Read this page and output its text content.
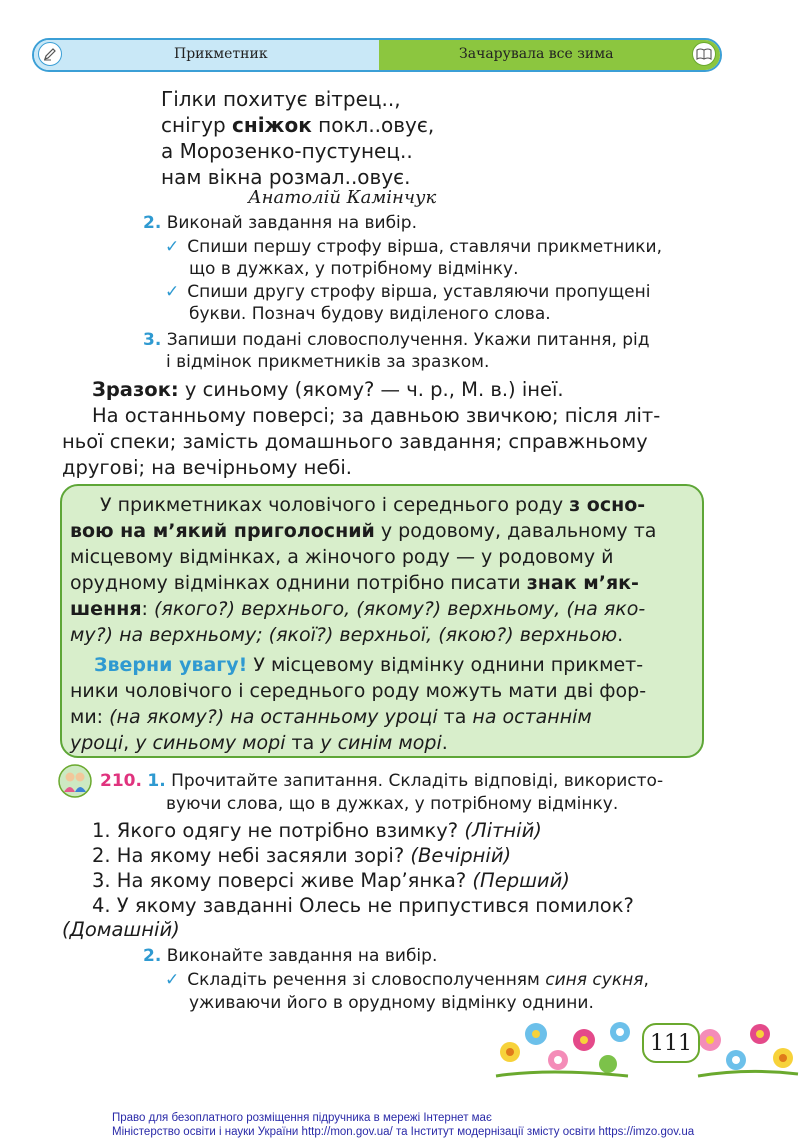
Прикметник	Зачарувала все зима
Гілки похитує вітрец..,
снігур сніжок покл..овує,
а Морозенко-пустунец..
нам вікна розмал..овує.
Анатолій Камінчук
2. Виконай завдання на вибір.
✓ Спиши першу строфу вірша, ставлячи прикметники,
що в дужках, у потрібному відмінку.
✓ Спиши другу строфу вірша, уставляючи пропущені
букви. Познач будову виділеного слова.
3. Запиши подані словосполучення. Укажи питання, рід
і відмінок прикметників за зразком.
Зразок: у синьому (якому? — ч. р., М. в.) інеї.
На останньому поверсі; за давньою звичкою; після літ-
ньої спеки; замість домашнього завдання; справжньому
другові; на вечірньому небі.
У прикметниках чоловічого і середнього роду з осно-
вою на м’який приголосний у родовому, давальному та
місцевому відмінках, а жіночого роду — у родовому й
орудному відмінках однини потрібно писати знак м’як-
шення: (якого?) верхнього, (якому?) верхньому, (на яко-
му?) на верхньому; (якої?) верхньої, (якою?) верхньою.
Зверни увагу! У місцевому відмінку однини прикмет-
ники чоловічого і середнього роду можуть мати дві фор-
ми: (на якому?) на останньому уроці та на останнім
уроці, у синьому морі та у синім морі.
210. 1. Прочитайте запитання. Складіть відповіді, використо-
вуючи слова, що в дужках, у потрібному відмінку.
1. Якого одягу не потрібно взимку? (Літній)
2. На якому небі засяяли зорі? (Вечірній)
3. На якому поверсі живе Мар’янка? (Перший)
4. У якому завданні Олесь не припустився помилок?
(Домашній)
2. Виконайте завдання на вибір.
✓ Складіть речення зі словосполученням синя сукня,
уживаючи його в орудному відмінку однини.
111
Право для безоплатного розміщення підручника в мережі Інтернет має
Міністерство освіти і науки України http://mon.gov.ua/ та Інститут модернізації змісту освіти https://imzo.gov.ua
